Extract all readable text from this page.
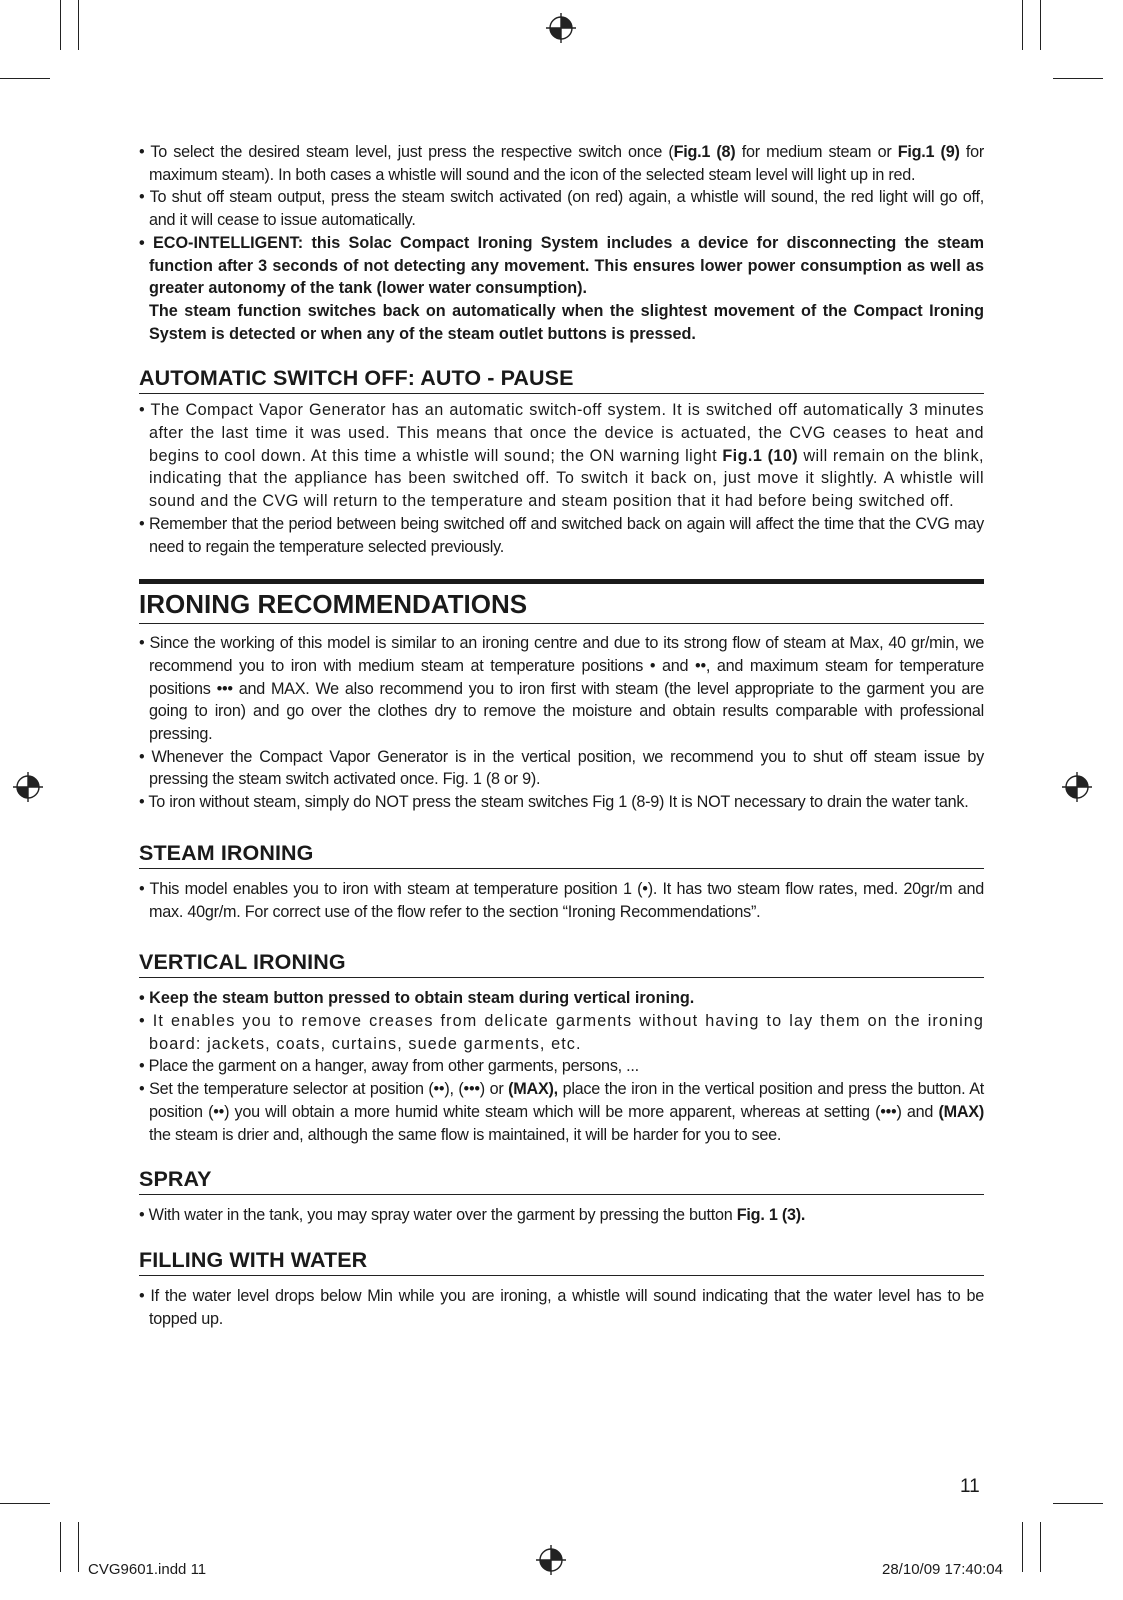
• To select the desired steam level, just press the respective switch once (Fig.1 (8) for medium steam or Fig.1 (9) for maximum steam). In both cases a whistle will sound and the icon of the selected steam level will light up in red.

• To shut off steam output, press the steam switch activated (on red) again, a whistle will sound, the red light will go off, and it will cease to issue automatically.

• ECO-INTELLIGENT: this Solac Compact Ironing System includes a device for disconnecting the steam function after 3 seconds of not detecting any movement. This ensures lower power consumption as well as greater autonomy of the tank (lower water consumption).

The steam function switches back on automatically when the slightest movement of the Compact Ironing System is detected or when any of the steam outlet buttons is pressed.

AUTOMATIC SWITCH OFF: AUTO - PAUSE

• The Compact Vapor Generator has an automatic switch-off system. It is switched off automatically 3 minutes after the last time it was used. This means that once the device is actuated, the CVG ceases to heat and begins to cool down. At this time a whistle will sound; the ON warning light Fig.1 (10) will remain on the blink, indicating that the appliance has been switched off. To switch it back on, just move it slightly. A whistle will sound and the CVG will return to the temperature and steam position that it had before being switched off.

• Remember that the period between being switched off and switched back on again will affect the time that the CVG may need to regain the temperature selected previously.

IRONING RECOMMENDATIONS

• Since the working of this model is similar to an ironing centre and due to its strong flow of steam at Max, 40 gr/min, we recommend you to iron with medium steam at temperature positions • and ••, and maximum steam for temperature positions ••• and MAX. We also recommend you to iron first with steam (the level appropriate to the garment you are going to iron) and go over the clothes dry to remove the moisture and obtain results comparable with professional pressing.

• Whenever the Compact Vapor Generator is in the vertical position, we recommend you to shut off steam issue by pressing the steam switch activated once. Fig. 1 (8 or 9).

• To iron without steam, simply do NOT press the steam switches Fig 1 (8-9) It is NOT necessary to drain the water tank.

STEAM IRONING

• This model enables you to iron with steam at temperature position 1 (•). It has two steam flow rates, med. 20gr/m and max. 40gr/m. For correct use of the flow refer to the section “Ironing Recommendations”.

VERTICAL IRONING

• Keep the steam button pressed to obtain steam during vertical ironing.

• It enables you to remove creases from delicate garments without having to lay them on the ironing board: jackets, coats, curtains, suede garments, etc.

• Place the garment on a hanger, away from other garments, persons, ...

• Set the temperature selector at position (••), (•••) or (MAX), place the iron in the vertical position and press the button. At position (••) you will obtain a more humid white steam which will be more apparent, whereas at setting (•••) and (MAX) the steam is drier and, although the same flow is maintained, it will be harder for you to see.

SPRAY

• With water in the tank, you may spray water over the garment by pressing the button Fig. 1 (3).

FILLING WITH WATER

• If the water level drops below Min while you are ironing, a whistle will sound indicating that the water level has to be topped up.

11
CVG9601.indd 11	28/10/09 17:40:04
